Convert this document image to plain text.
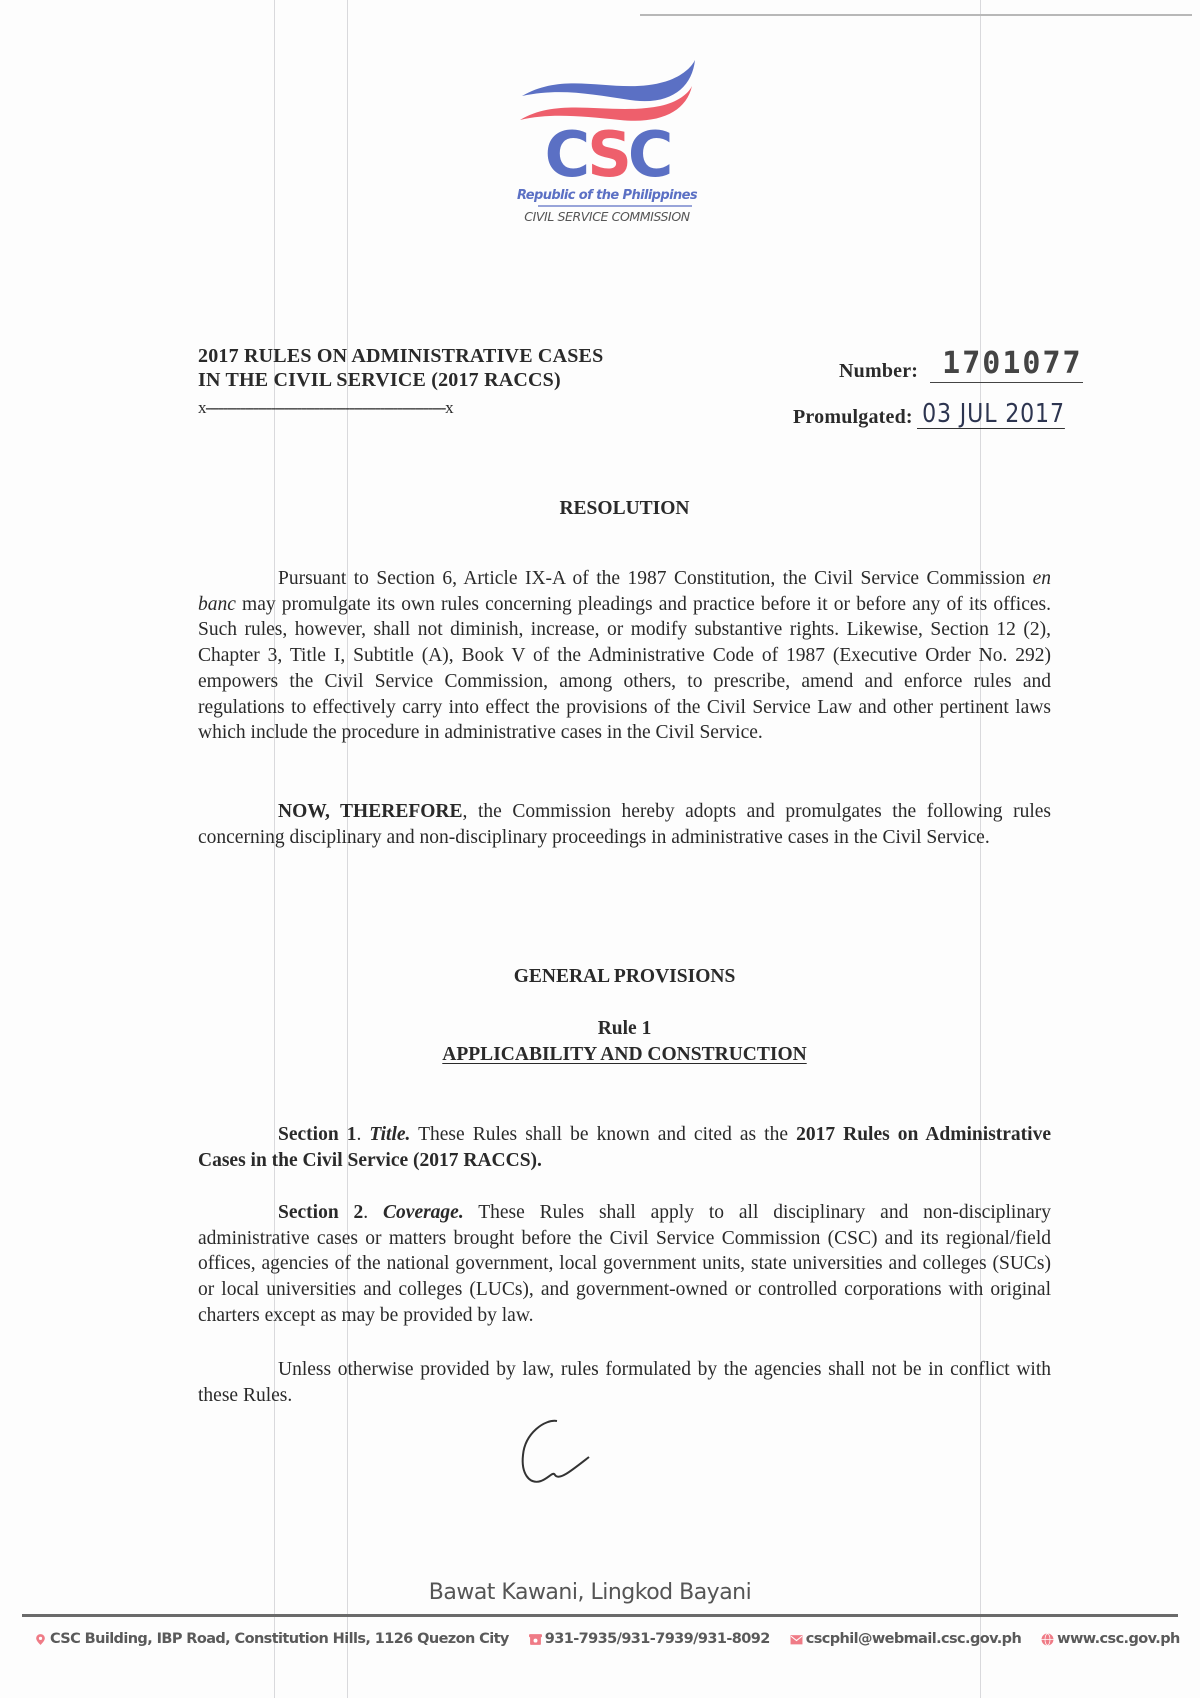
CSC
Republic of the Philippines
CIVIL SERVICE COMMISSION
2017 RULES ON ADMINISTRATIVE CASES
IN THE CIVIL SERVICE (2017 RACCS)
x-------------------------------------------------------x
Number: 1701077
Promulgated: 03 JUL 2017
RESOLUTION

Pursuant to Section 6, Article IX-A of the 1987 Constitution, the Civil Service Commission en banc may promulgate its own rules concerning pleadings and practice before it or before any of its offices. Such rules, however, shall not diminish, increase, or modify substantive rights. Likewise, Section 12 (2), Chapter 3, Title I, Subtitle (A), Book V of the Administrative Code of 1987 (Executive Order No. 292) empowers the Civil Service Commission, among others, to prescribe, amend and enforce rules and regulations to effectively carry into effect the provisions of the Civil Service Law and other pertinent laws which include the procedure in administrative cases in the Civil Service.

NOW, THEREFORE, the Commission hereby adopts and promulgates the following rules concerning disciplinary and non-disciplinary proceedings in administrative cases in the Civil Service.

GENERAL PROVISIONS
Rule 1
APPLICABILITY AND CONSTRUCTION

Section 1. Title. These Rules shall be known and cited as the 2017 Rules on Administrative Cases in the Civil Service (2017 RACCS).

Section 2. Coverage. These Rules shall apply to all disciplinary and non-disciplinary administrative cases or matters brought before the Civil Service Commission (CSC) and its regional/field offices, agencies of the national government, local government units, state universities and colleges (SUCs) or local universities and colleges (LUCs), and government-owned or controlled corporations with original charters except as may be provided by law.

Unless otherwise provided by law, rules formulated by the agencies shall not be in conflict with these Rules.

Bawat Kawani, Lingkod Bayani
CSC Building, IBP Road, Constitution Hills, 1126 Quezon City 931-7935/931-7939/931-8092 cscphil@webmail.csc.gov.ph www.csc.gov.ph
